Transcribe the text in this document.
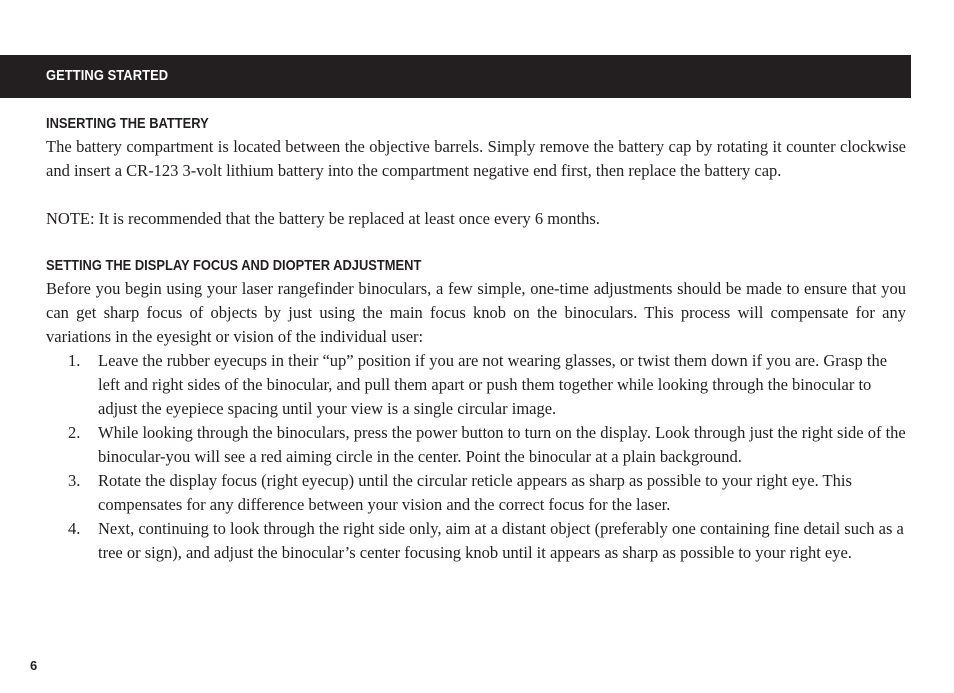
GETTING STARTED
INSERTING THE BATTERY

The battery compartment is located between the objective barrels. Simply remove the battery cap by rotating it counter clockwise and insert a CR-123 3-volt lithium battery into the compartment negative end first, then replace the battery cap.

NOTE: It is recommended that the battery be replaced at least once every 6 months.

SETTING THE DISPLAY FOCUS AND DIOPTER ADJUSTMENT

Before you begin using your laser rangefinder binoculars, a few simple, one-time adjustments should be made to ensure that you can get sharp focus of objects by just using the main focus knob on the binoculars. This process will compensate for any variations in the eyesight or vision of the individual user:

1. Leave the rubber eyecups in their “up” position if you are not wearing glasses, or twist them down if you are. Grasp the left and right sides of the binocular, and pull them apart or push them together while looking through the binocular to adjust the eyepiece spacing until your view is a single circular image.
2. While looking through the binoculars, press the power button to turn on the display. Look through just the right side of the binocular-you will see a red aiming circle in the center. Point the binocular at a plain background.
3. Rotate the display focus (right eyecup) until the circular reticle appears as sharp as possible to your right eye. This compensates for any difference between your vision and the correct focus for the laser.
4. Next, continuing to look through the right side only, aim at a distant object (preferably one containing fine detail such as a tree or sign), and adjust the binocular’s center focusing knob until it appears as sharp as possible to your right eye.
6
